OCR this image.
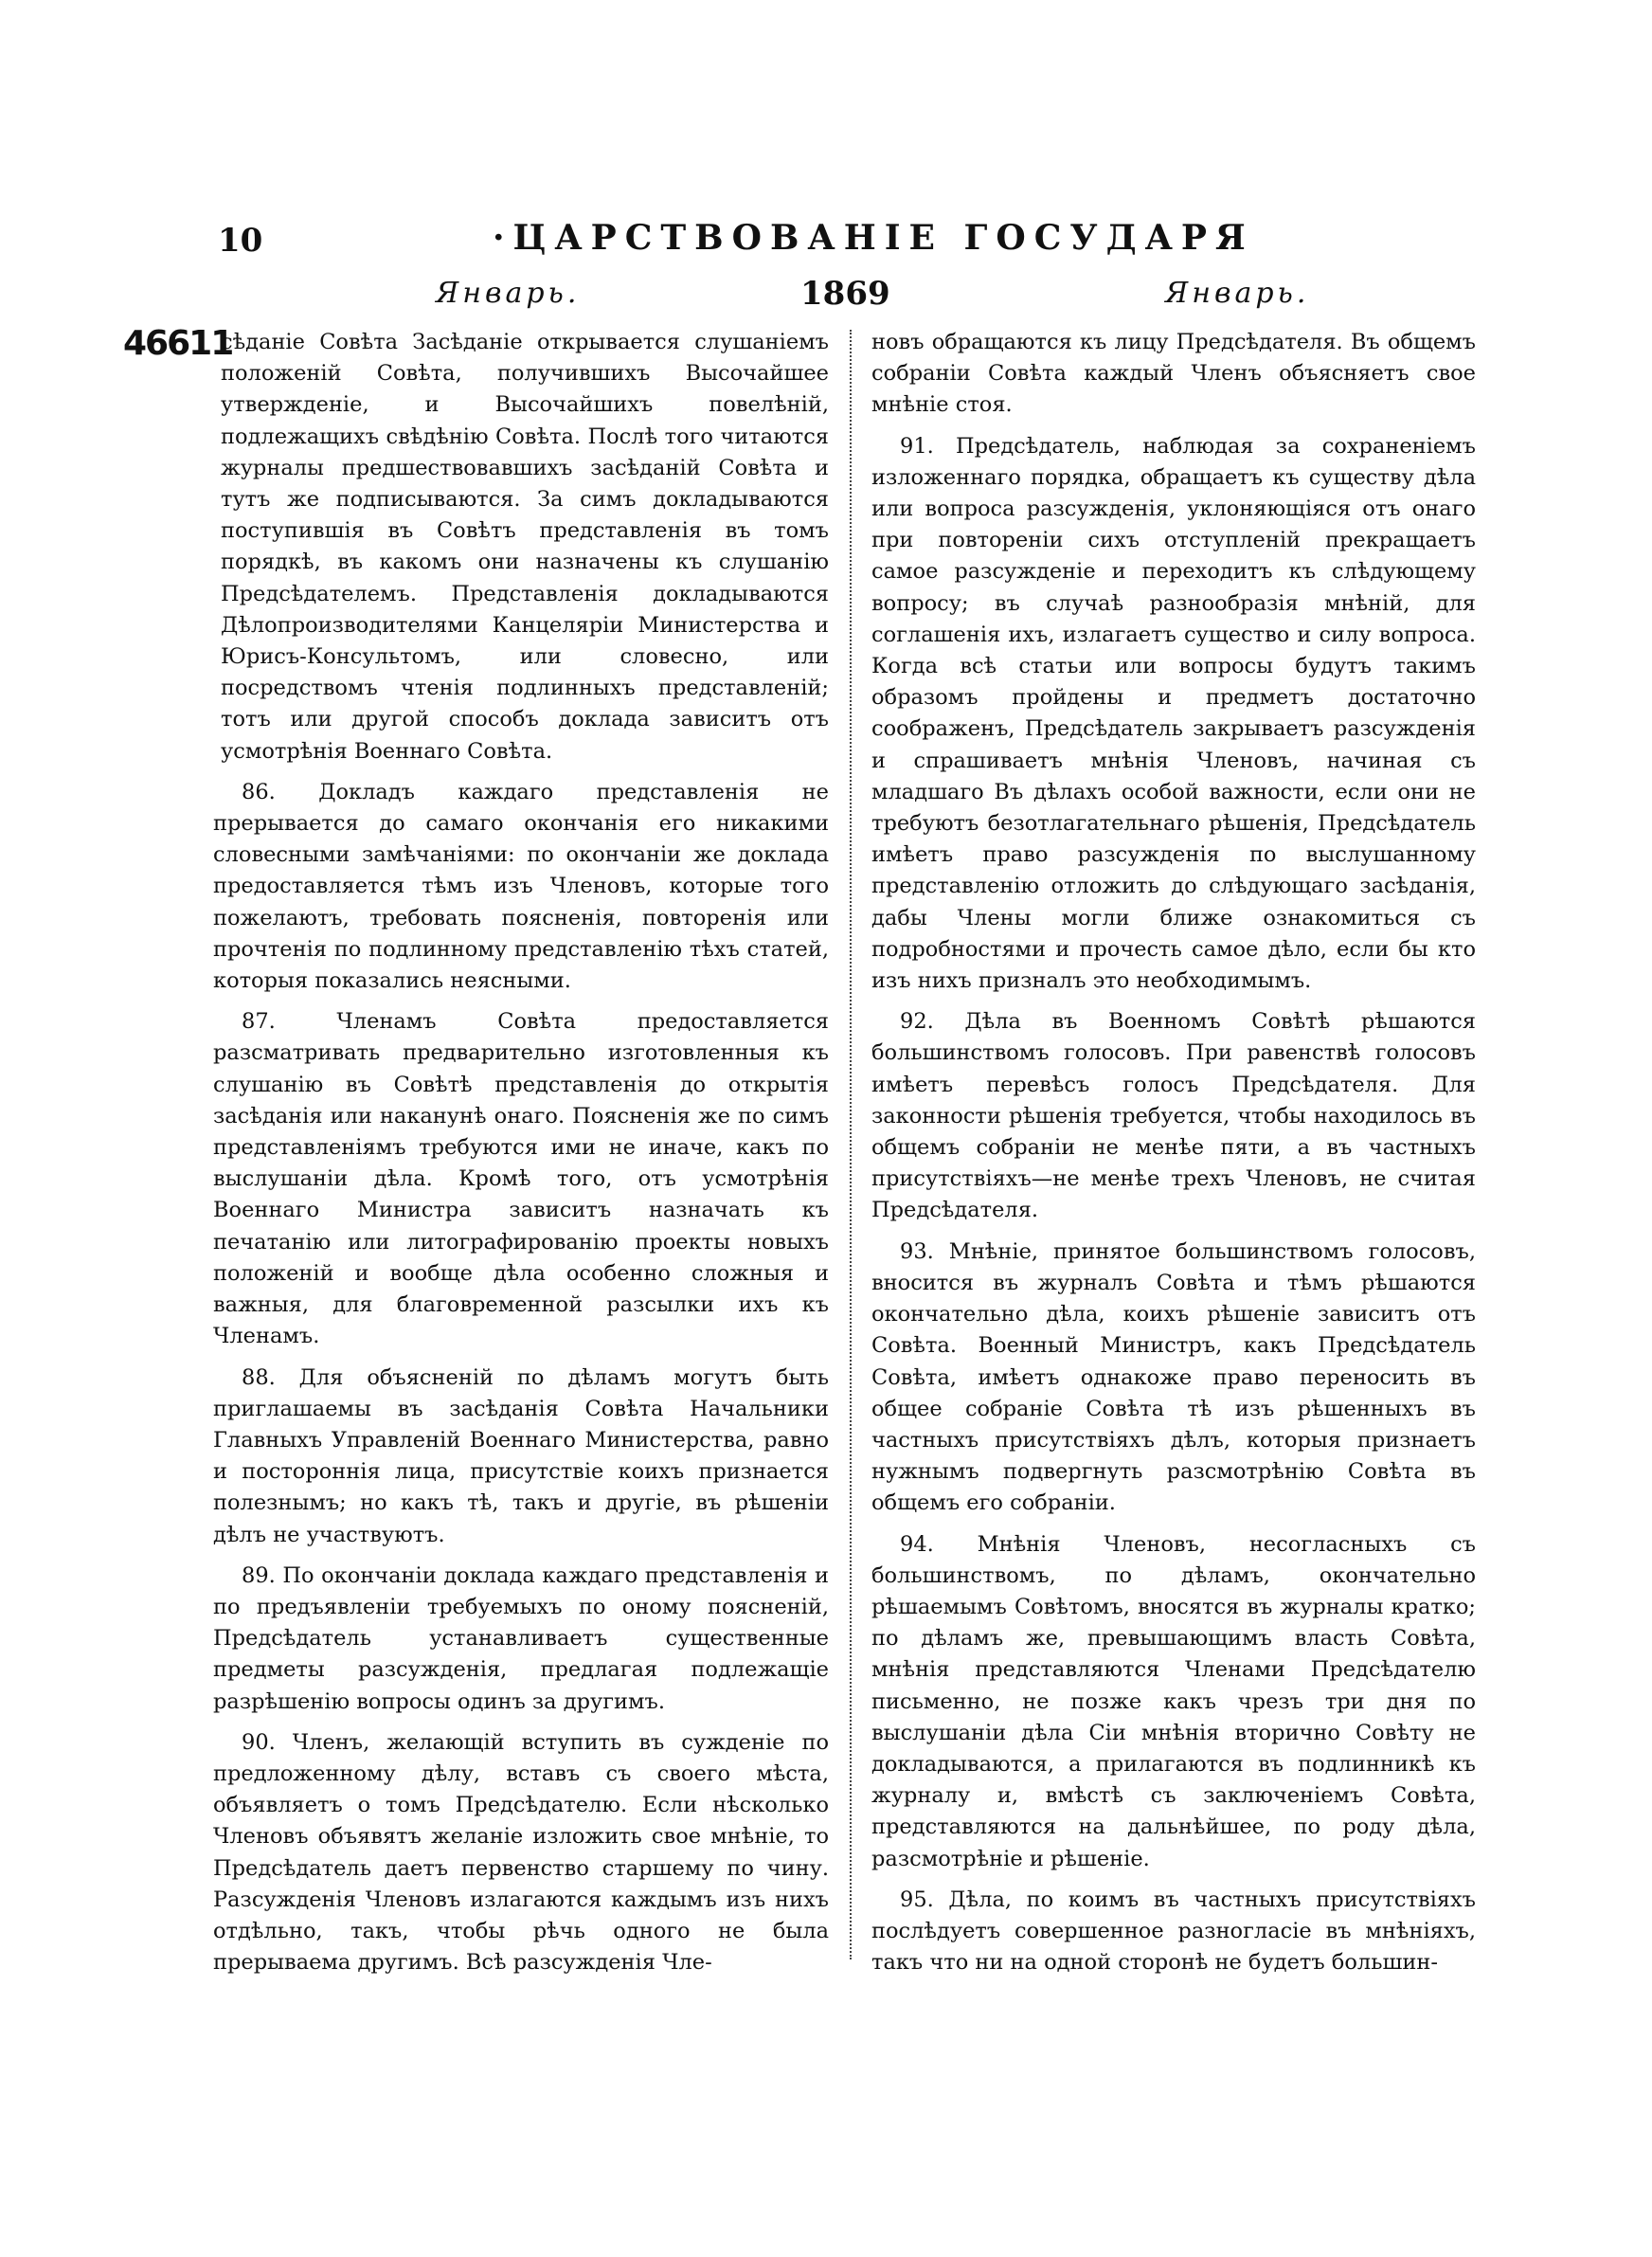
10	·ЦАРСТВОВАНІЕ ГОСУДАРЯ
Январь.	1869	Январь.
46611

сѣданіе Совѣта Засѣданіе открывается слушаніемъ положеній Совѣта, получившихъ Высочайшее утвержденіе, и Высочайшихъ повелѣній, подлежащихъ свѣдѣнію Совѣта. Послѣ того читаются журналы предшествовавшихъ засѣданій Совѣта и тутъ же подписываются. За симъ докладываются поступившія въ Совѣтъ представленія въ томъ порядкѣ, въ какомъ они назначены къ слушанію Предсѣдателемъ. Представленія докладываются Дѣлопроизводителями Канцеляріи Министерства и Юрисъ-Консультомъ, или словесно, или посредствомъ чтенія подлинныхъ представленій; тотъ или другой способъ доклада зависитъ отъ усмотрѣнія Военнаго Совѣта.

86. Докладъ каждаго представленія не прерывается до самаго окончанія его никакими словесными замѣчаніями: по окончаніи же доклада предоставляется тѣмъ изъ Членовъ, которые того пожелаютъ, требовать поясненія, повторенія или прочтенія по подлинному представленію тѣхъ статей, которыя показались неясными.

87. Членамъ Совѣта предоставляется разсматривать предварительно изготовленныя къ слушанію въ Совѣтѣ представленія до открытія засѣданія или наканунѣ онаго. Поясненія же по симъ представленіямъ требуются ими не иначе, какъ по выслушаніи дѣла. Кромѣ того, отъ усмотрѣнія Военнаго Министра зависитъ назначать къ печатанію или литографированію проекты новыхъ положеній и вообще дѣла особенно сложныя и важныя, для благовременной разсылки ихъ къ Членамъ.

88. Для объясненій по дѣламъ могутъ быть приглашаемы въ засѣданія Совѣта Начальники Главныхъ Управленій Военнаго Министерства, равно и постороннія лица, присутствіе коихъ признается полезнымъ; но какъ тѣ, такъ и другіе, въ рѣшеніи дѣлъ не участвуютъ.

89. По окончаніи доклада каждаго представленія и по предъявленіи требуемыхъ по оному поясненій, Предсѣдатель устанавливаетъ существенные предметы разсужденія, предлагая подлежащіе разрѣшенію вопросы одинъ за другимъ.

90. Членъ, желающій вступить въ сужденіе по предложенному дѣлу, вставъ съ своего мѣста, объявляетъ о томъ Предсѣдателю. Если нѣсколько Членовъ объявятъ желаніе изложить свое мнѣніе, то Предсѣдатель даетъ первенство старшему по чину. Разсужденія Членовъ излагаются каждымъ изъ нихъ отдѣльно, такъ, чтобы рѣчь одного не была прерываема другимъ. Всѣ разсужденія Чле-

новъ обращаются къ лицу Предсѣдателя. Въ общемъ собраніи Совѣта каждый Членъ объясняетъ свое мнѣніе стоя.

91. Предсѣдатель, наблюдая за сохраненіемъ изложеннаго порядка, обращаетъ къ существу дѣла или вопроса разсужденія, уклоняющіяся отъ онаго при повтореніи сихъ отступленій прекращаетъ самое разсужденіе и переходитъ къ слѣдующему вопросу; въ случаѣ разнообразія мнѣній, для соглашенія ихъ, излагаетъ существо и силу вопроса. Когда всѣ статьи или вопросы будутъ такимъ образомъ пройдены и предметъ достаточно соображенъ, Предсѣдатель закрываетъ разсужденія и спрашиваетъ мнѣнія Членовъ, начиная съ младшаго Въ дѣлахъ особой важности, если они не требуютъ безотлагательнаго рѣшенія, Предсѣдатель имѣетъ право разсужденія по выслушанному представленію отложить до слѣдующаго засѣданія, дабы Члены могли ближе ознакомиться съ подробностями и прочесть самое дѣло, если бы кто изъ нихъ призналъ это необходимымъ.

92. Дѣла въ Военномъ Совѣтѣ рѣшаются большинствомъ голосовъ. При равенствѣ голосовъ имѣетъ перевѣсъ голосъ Предсѣдателя. Для законности рѣшенія требуется, чтобы находилось въ общемъ собраніи не менѣе пяти, а въ частныхъ присутствіяхъ—не менѣе трехъ Членовъ, не считая Предсѣдателя.

93. Мнѣніе, принятое большинствомъ голосовъ, вносится въ журналъ Совѣта и тѣмъ рѣшаются окончательно дѣла, коихъ рѣшеніе зависитъ отъ Совѣта. Военный Министръ, какъ Предсѣдатель Совѣта, имѣетъ однакоже право переносить въ общее собраніе Совѣта тѣ изъ рѣшенныхъ въ частныхъ присутствіяхъ дѣлъ, которыя признаетъ нужнымъ подвергнуть разсмотрѣнію Совѣта въ общемъ его собраніи.

94. Мнѣнія Членовъ, несогласныхъ съ большинствомъ, по дѣламъ, окончательно рѣшаемымъ Совѣтомъ, вносятся въ журналы кратко; по дѣламъ же, превышающимъ власть Совѣта, мнѣнія представляются Членами Предсѣдателю письменно, не позже какъ чрезъ три дня по выслушаніи дѣла Сіи мнѣнія вторично Совѣту не докладываются, а прилагаются въ подлинникѣ къ журналу и, вмѣстѣ съ заключеніемъ Совѣта, представляются на дальнѣйшее, по роду дѣла, разсмотрѣніе и рѣшеніе.

95. Дѣла, по коимъ въ частныхъ присутствіяхъ послѣдуетъ совершенное разногласіе въ мнѣніяхъ, такъ что ни на одной сторонѣ не будетъ большин-
